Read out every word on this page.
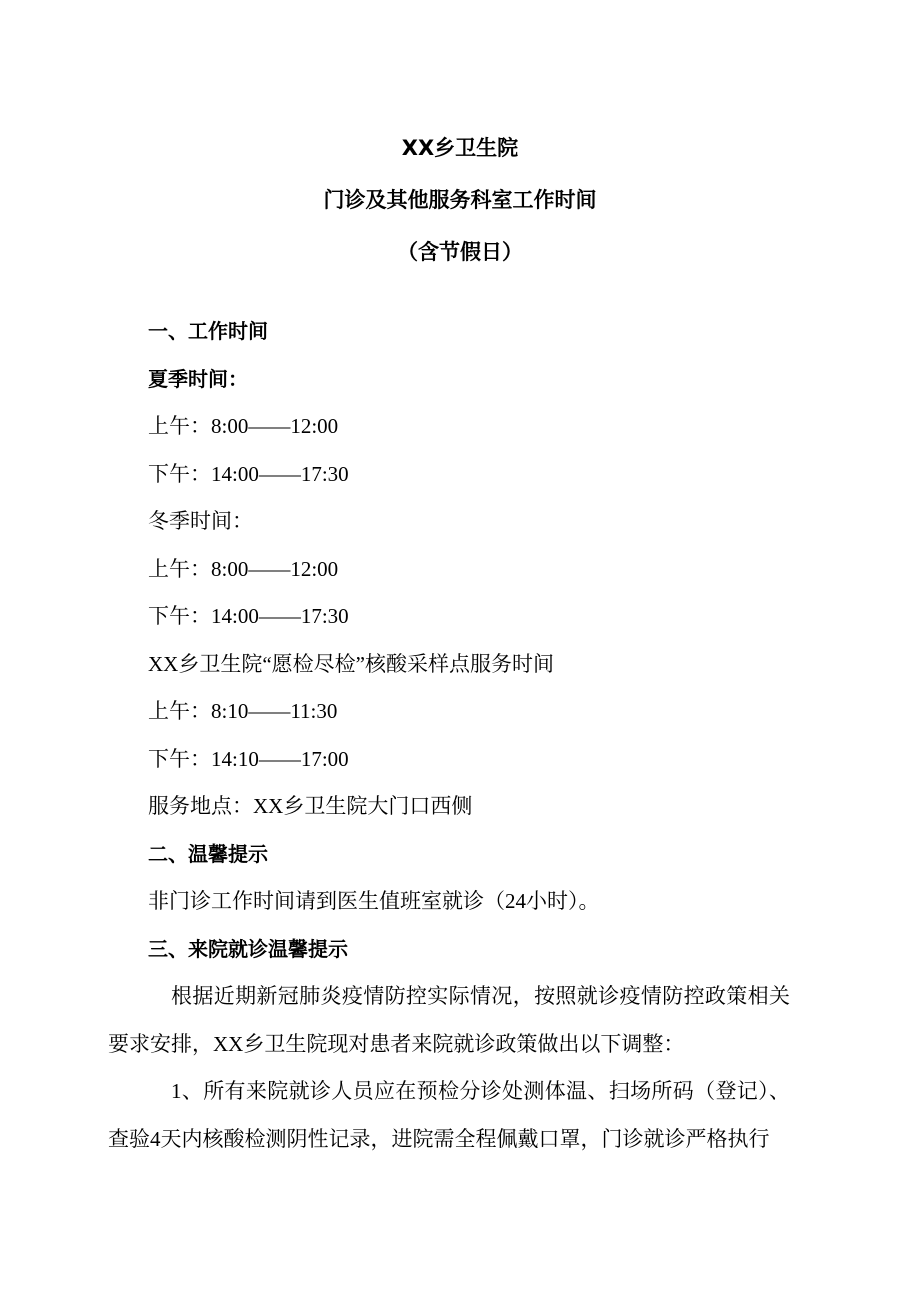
XX乡卫生院
门诊及其他服务科室工作时间
（含节假日）
一、工作时间
夏季时间：
上午：8:00——12:00
下午：14:00——17:30
冬季时间：
上午：8:00——12:00
下午：14:00——17:30
XX乡卫生院“愿检尽检”核酸采样点服务时间
上午：8:10——11:30
下午：14:10——17:00
服务地点：XX乡卫生院大门口西侧
二、温馨提示
非门诊工作时间请到医生值班室就诊（24小时）。
三、来院就诊温馨提示
根据近期新冠肺炎疫情防控实际情况，按照就诊疫情防控政策相关要求安排，XX乡卫生院现对患者来院就诊政策做出以下调整：
1、所有来院就诊人员应在预检分诊处测体温、扫场所码（登记）、查验4天内核酸检测阴性记录，进院需全程佩戴口罩，门诊就诊严格执行
